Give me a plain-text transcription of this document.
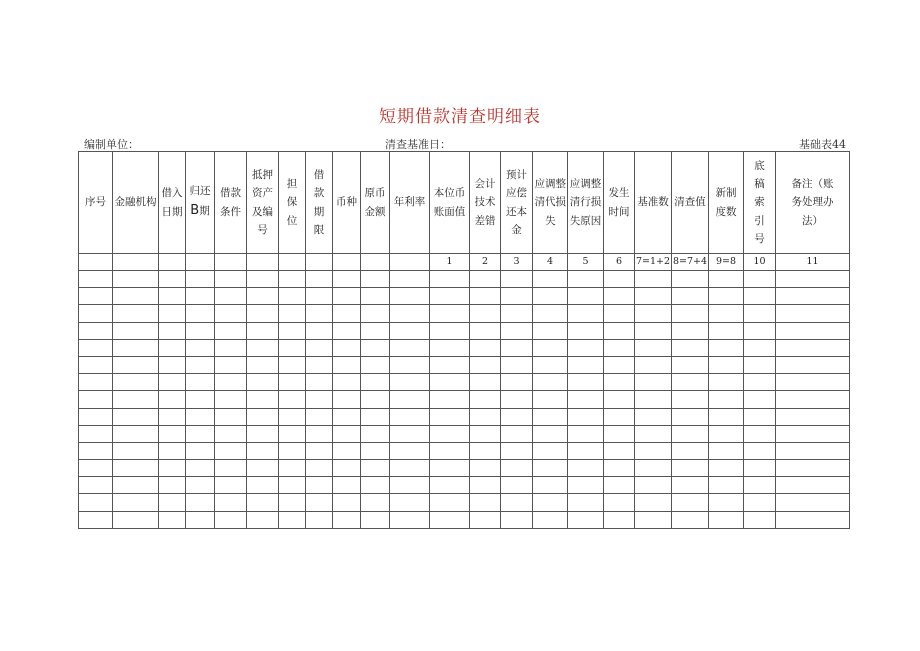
短期借款清查明细表
编制单位：	清查基准日：	基础表44
序号	金融机构	借入日期	归还B期	借款条件	抵押资产及编号	担保位	借款期限	币种	原币金额	年利率	本位币账面值	会计技术差错	预计应偿还本金	应调整清代损失	应调整清行损失原因	发生时间	基准数	清查值	新制度数	底稿索引号	备注（账务处理办法）
											1	2	3	4	5	6	7=1+2	8=7+4	9=8	10	11
